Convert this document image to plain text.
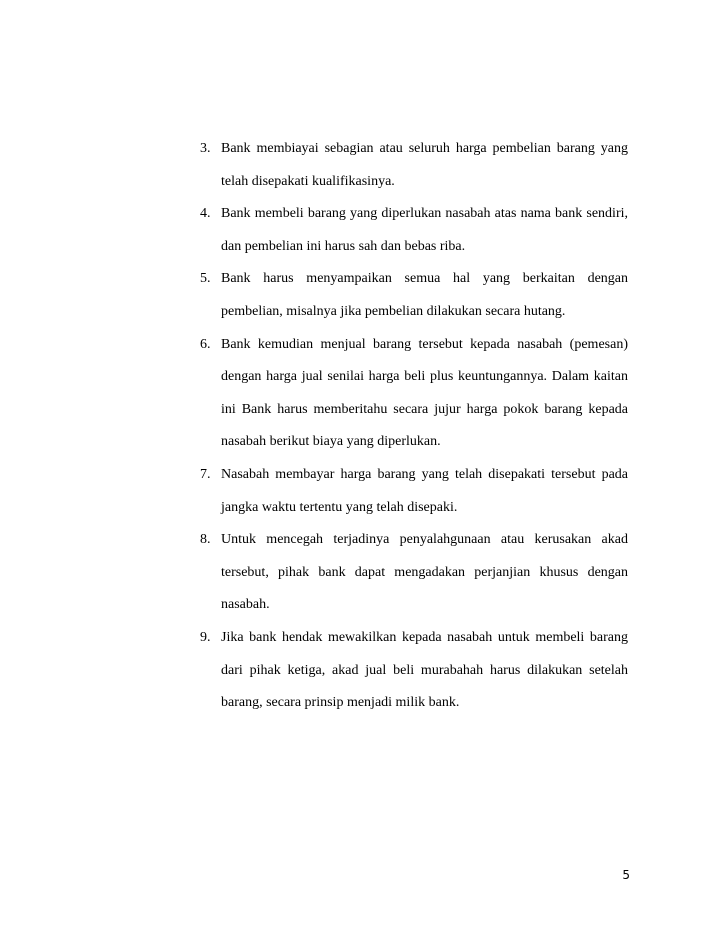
3. Bank membiayai sebagian atau seluruh harga pembelian barang yang telah disepakati kualifikasinya.
4. Bank membeli barang yang diperlukan nasabah atas nama bank sendiri, dan pembelian ini harus sah dan bebas riba.
5. Bank harus menyampaikan semua hal yang berkaitan dengan pembelian, misalnya jika pembelian dilakukan secara hutang.
6. Bank kemudian menjual barang tersebut kepada nasabah (pemesan) dengan harga jual senilai harga beli plus keuntungannya. Dalam kaitan ini Bank harus memberitahu secara jujur harga pokok barang kepada nasabah berikut biaya yang diperlukan.
7. Nasabah membayar harga barang yang telah disepakati tersebut pada jangka waktu tertentu yang telah disepaki.
8. Untuk mencegah terjadinya penyalahgunaan atau kerusakan akad tersebut, pihak bank dapat mengadakan perjanjian khusus dengan nasabah.
9. Jika bank hendak mewakilkan kepada nasabah untuk membeli barang dari pihak ketiga, akad jual beli murabahah harus dilakukan setelah barang, secara prinsip menjadi milik bank.
5
